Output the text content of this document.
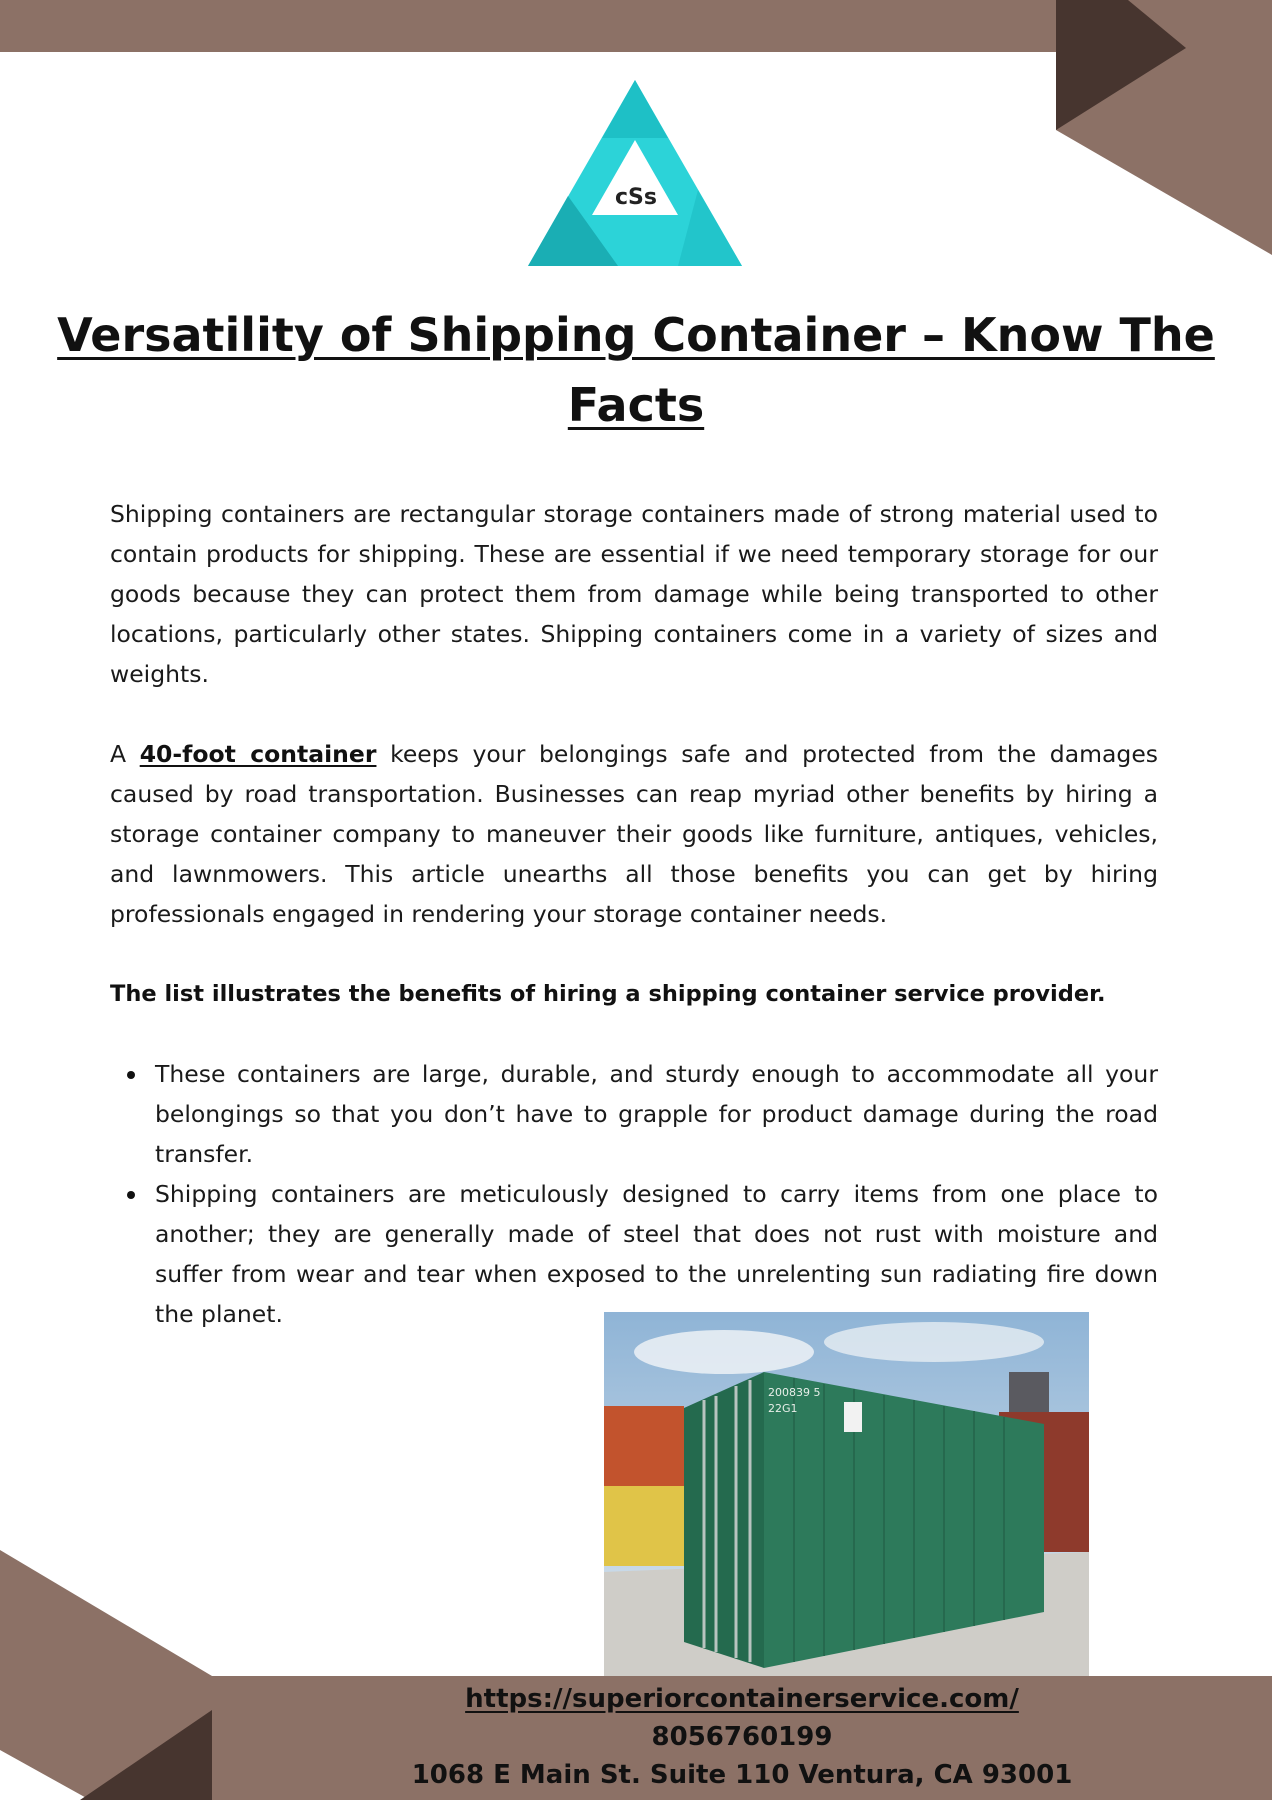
cSs
Versatility of Shipping Container – Know The Facts

Shipping containers are rectangular storage containers made of strong material used to contain products for shipping. These are essential if we need temporary storage for our goods because they can protect them from damage while being transported to other locations, particularly other states. Shipping containers come in a variety of sizes and weights.

A 40-foot container keeps your belongings safe and protected from the damages caused by road transportation. Businesses can reap myriad other benefits by hiring a storage container company to maneuver their goods like furniture, antiques, vehicles, and lawnmowers. This article unearths all those benefits you can get by hiring professionals engaged in rendering your storage container needs.

The list illustrates the benefits of hiring a shipping container service provider.

These containers are large, durable, and sturdy enough to accommodate all your belongings so that you don’t have to grapple for product damage during the road transfer.
Shipping containers are meticulously designed to carry items from one place to another; they are generally made of steel that does not rust with moisture and suffer from wear and tear when exposed to the unrelenting sun radiating fire down the planet.
200839 5
22G1
https://superiorcontainerservice.com/
8056760199
1068 E Main St. Suite 110 Ventura, CA 93001
